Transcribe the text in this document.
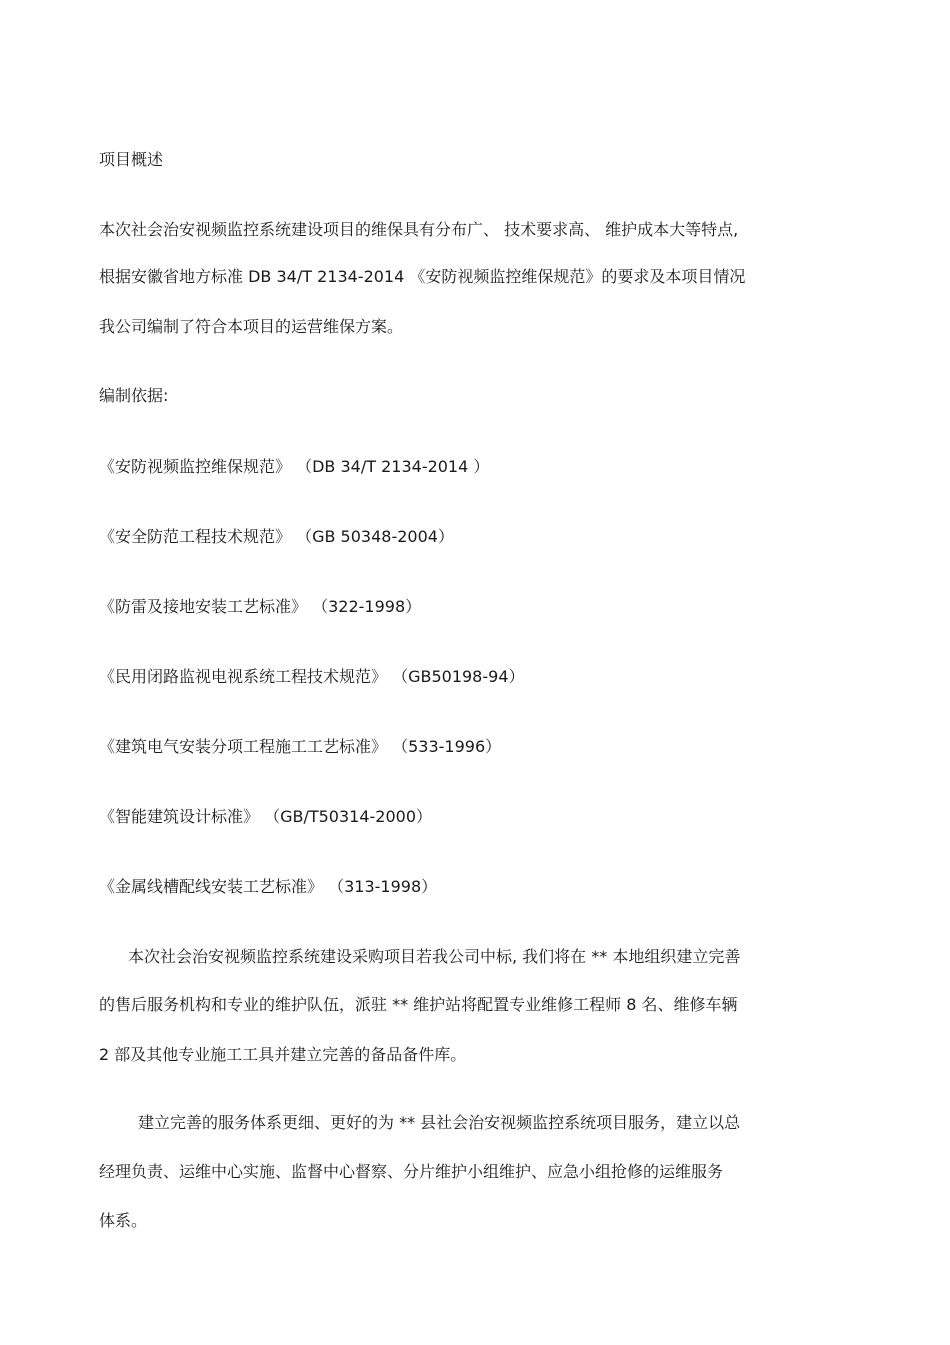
项目概述
本次社会治安视频监控系统建设项目的维保具有分布广、 技术要求高、 维护成本大等特点,
根据安徽省地方标准 DB 34/T 2134-2014 《安防视频监控维保规范》的要求及本项目情况
我公司编制了符合本项目的运营维保方案。
编制依据:
《安防视频监控维保规范》 （DB 34/T 2134-2014 ）
《安全防范工程技术规范》 （GB 50348-2004）
《防雷及接地安装工艺标准》 （322-1998）
《民用闭路监视电视系统工程技术规范》 （GB50198-94）
《建筑电气安装分项工程施工工艺标准》 （533-1996）
《智能建筑设计标准》 （GB/T50314-2000）
《金属线槽配线安装工艺标准》 （313-1998）
本次社会治安视频监控系统建设采购项目若我公司中标, 我们将在 ** 本地组织建立完善
的售后服务机构和专业的维护队伍，派驻 ** 维护站将配置专业维修工程师 8 名、维修车辆
2 部及其他专业施工工具并建立完善的备品备件库。
建立完善的服务体系更细、更好的为 ** 县社会治安视频监控系统项目服务，建立以总
经理负责、运维中心实施、监督中心督察、分片维护小组维护、应急小组抢修的运维服务
体系。
